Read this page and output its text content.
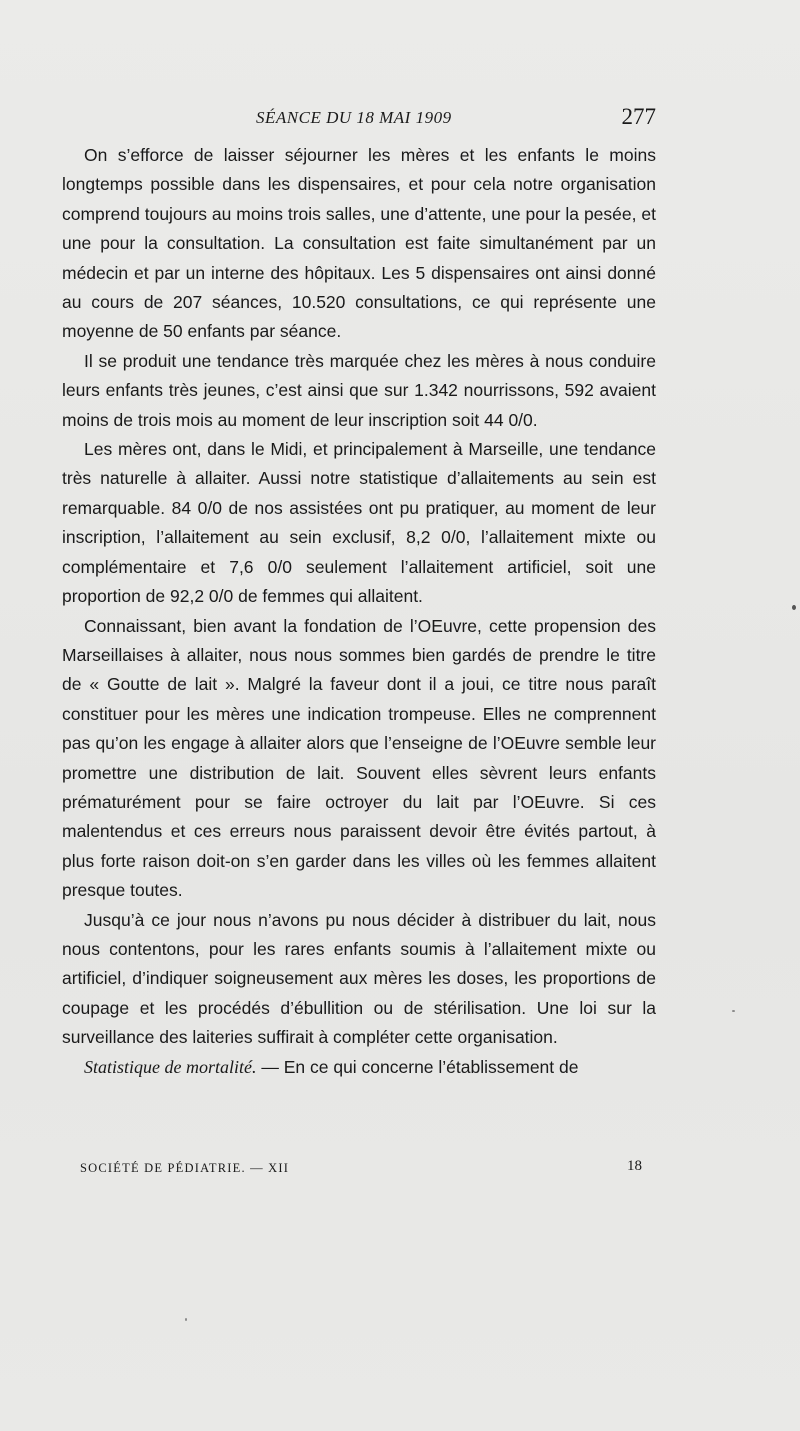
SÉANCE DU 18 MAI 1909	277

On s’efforce de laisser séjourner les mères et les enfants le moins longtemps possible dans les dispensaires, et pour cela notre organisation comprend toujours au moins trois salles, une d’attente, une pour la pesée, et une pour la consultation. La consultation est faite simultanément par un médecin et par un interne des hôpitaux. Les 5 dispensaires ont ainsi donné au cours de 207 séances, 10.520 consultations, ce qui représente une moyenne de 50 enfants par séance.

Il se produit une tendance très marquée chez les mères à nous conduire leurs enfants très jeunes, c’est ainsi que sur 1.342 nourrissons, 592 avaient moins de trois mois au moment de leur inscription soit 44 0/0.

Les mères ont, dans le Midi, et principalement à Marseille, une tendance très naturelle à allaiter. Aussi notre statistique d’allaitements au sein est remarquable. 84 0/0 de nos assistées ont pu pratiquer, au moment de leur inscription, l’allaitement au sein exclusif, 8,2 0/0, l’allaitement mixte ou complémentaire et 7,6 0/0 seulement l’allaitement artificiel, soit une proportion de 92,2 0/0 de femmes qui allaitent.

Connaissant, bien avant la fondation de l’OEuvre, cette propension des Marseillaises à allaiter, nous nous sommes bien gardés de prendre le titre de « Goutte de lait ». Malgré la faveur dont il a joui, ce titre nous paraît constituer pour les mères une indication trompeuse. Elles ne comprennent pas qu’on les engage à allaiter alors que l’enseigne de l’OEuvre semble leur promettre une distribution de lait. Souvent elles sèvrent leurs enfants prématurément pour se faire octroyer du lait par l’OEuvre. Si ces malentendus et ces erreurs nous paraissent devoir être évités partout, à plus forte raison doit-on s’en garder dans les villes où les femmes allaitent presque toutes.

Jusqu’à ce jour nous n’avons pu nous décider à distribuer du lait, nous nous contentons, pour les rares enfants soumis à l’allaitement mixte ou artificiel, d’indiquer soigneusement aux mères les doses, les proportions de coupage et les procédés d’ébullition ou de stérilisation. Une loi sur la surveillance des laiteries suffirait à compléter cette organisation.

Statistique de mortalité. — En ce qui concerne l’établissement de

SOCIÉTÉ DE PÉDIATRIE. — XII	18
